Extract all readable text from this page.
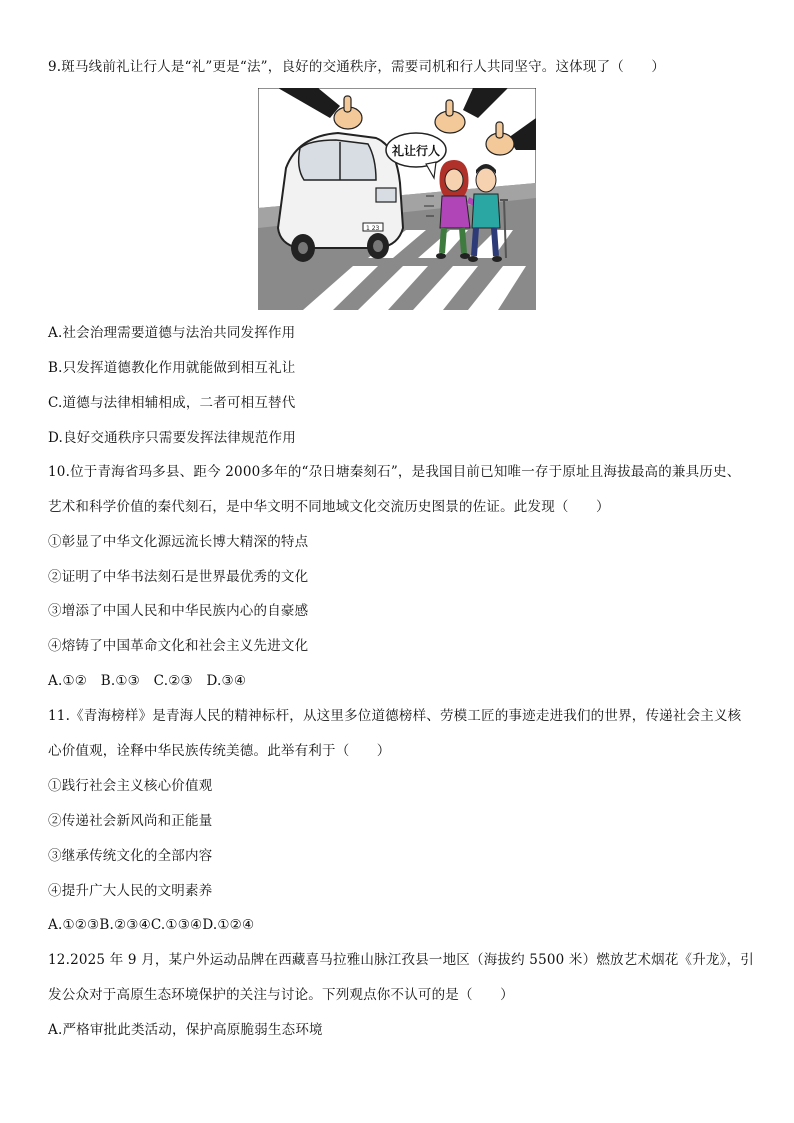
9.斑马线前礼让行人是“礼”更是“法”，良好的交通秩序，需要司机和行人共同坚守。这体现了（　　）
1 23
礼让行人
A.社会治理需要道德与法治共同发挥作用
B.只发挥道德教化作用就能做到相互礼让
C.道德与法律相辅相成，二者可相互替代
D.良好交通秩序只需要发挥法律规范作用
10.位于青海省玛多县、距今 2000多年的“尕日塘秦刻石”，是我国目前已知唯一存于原址且海拔最高的兼具历史、
艺术和科学价值的秦代刻石，是中华文明不同地域文化交流历史图景的佐证。此发现（　　）
①彰显了中华文化源远流长博大精深的特点
②证明了中华书法刻石是世界最优秀的文化
③增添了中国人民和中华民族内心的自豪感
④熔铸了中国革命文化和社会主义先进文化
A.①②　B.①③　C.②③　D.③④
11.《青海榜样》是青海人民的精神标杆，从这里多位道德榜样、劳模工匠的事迹走进我们的世界，传递社会主义核
心价值观，诠释中华民族传统美德。此举有利于（　　）
①践行社会主义核心价值观
②传递社会新风尚和正能量
③继承传统文化的全部内容
④提升广大人民的文明素养
A.①②③B.②③④C.①③④D.①②④
12.2025 年 9 月，某户外运动品牌在西藏喜马拉雅山脉江孜县一地区（海拔约 5500 米）燃放艺术烟花《升龙》，引
发公众对于高原生态环境保护的关注与讨论。下列观点你不认可的是（　　）
A.严格审批此类活动，保护高原脆弱生态环境
